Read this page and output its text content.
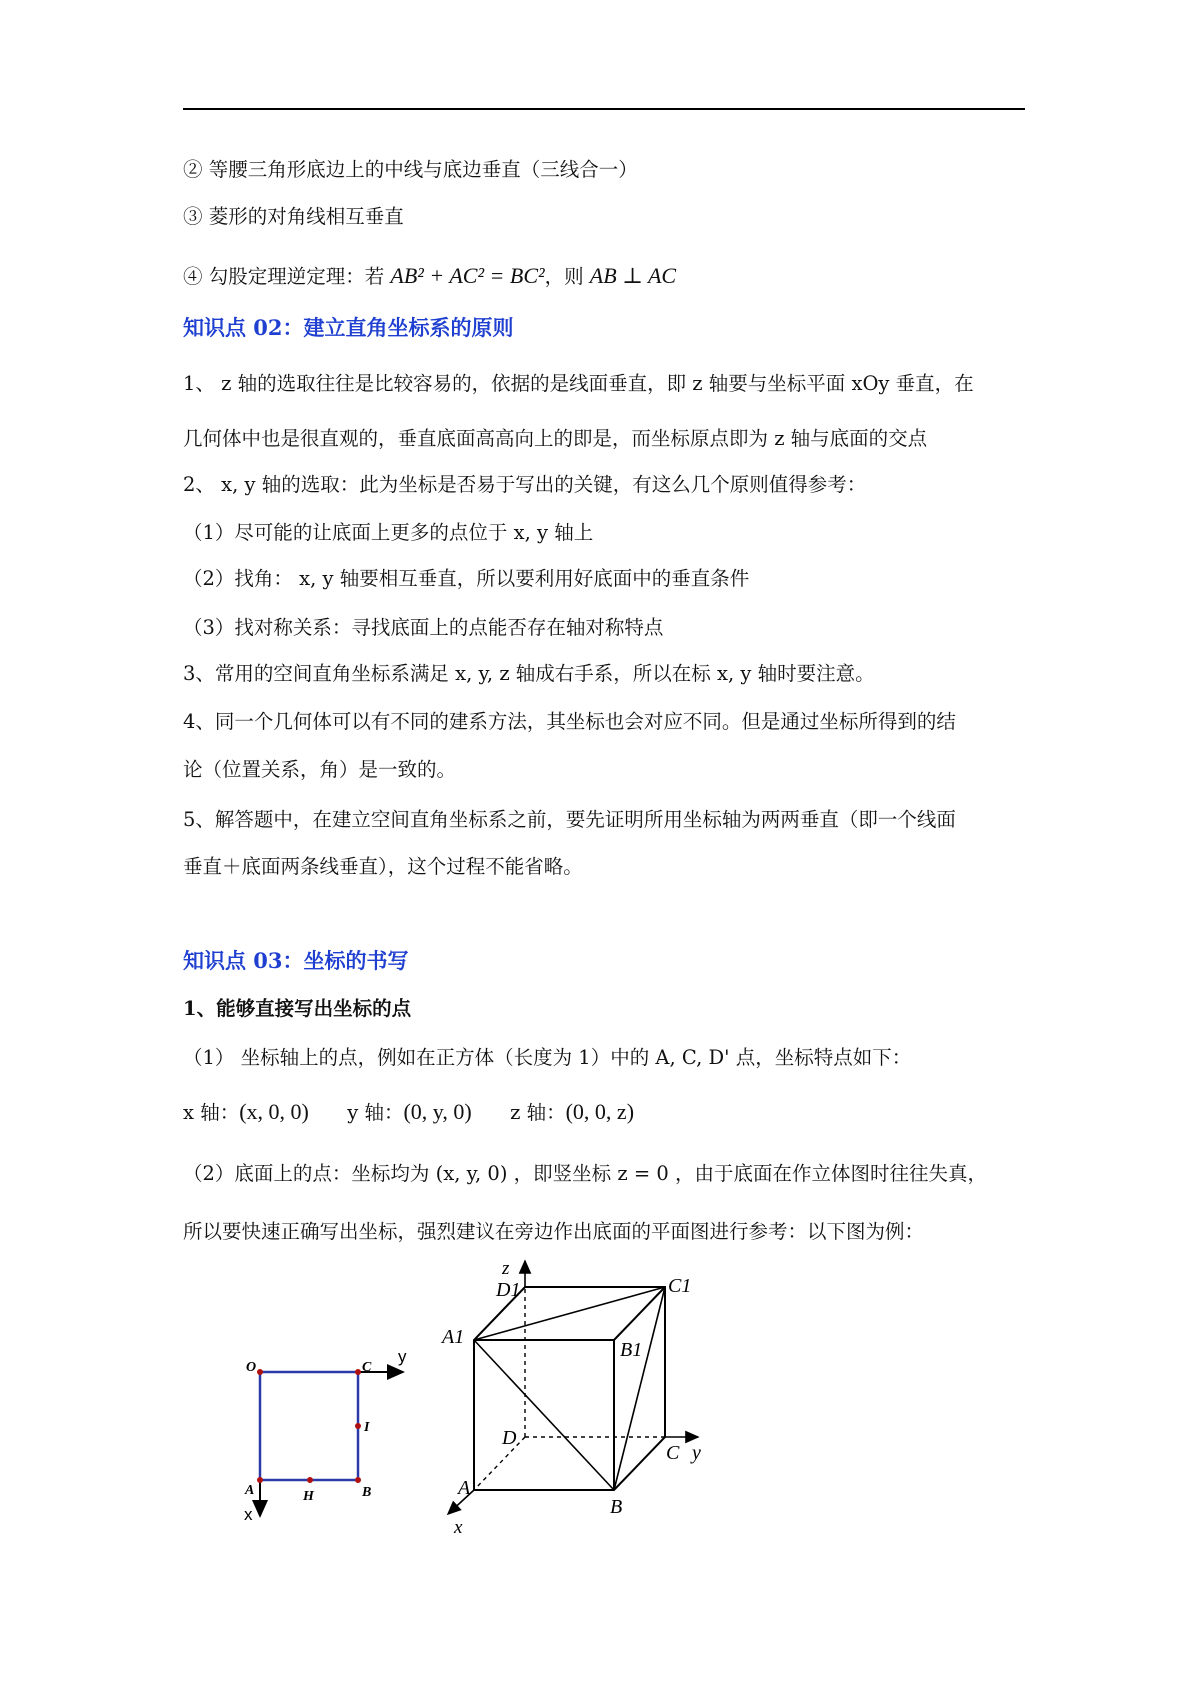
② 等腰三角形底边上的中线与底边垂直（三线合一）
③ 菱形的对角线相互垂直
④ 勾股定理逆定理：若 AB² + AC² = BC²，则 AB ⊥ AC
知识点 02：建立直角坐标系的原则
1、 z 轴的选取往往是比较容易的，依据的是线面垂直，即 z 轴要与坐标平面 xOy 垂直，在
几何体中也是很直观的，垂直底面高高向上的即是，而坐标原点即为 z 轴与底面的交点
2、 x, y 轴的选取：此为坐标是否易于写出的关键，有这么几个原则值得参考：
（1）尽可能的让底面上更多的点位于 x, y 轴上
（2）找角： x, y 轴要相互垂直，所以要利用好底面中的垂直条件
（3）找对称关系：寻找底面上的点能否存在轴对称特点
3、常用的空间直角坐标系满足 x, y, z 轴成右手系，所以在标 x, y 轴时要注意。
4、同一个几何体可以有不同的建系方法，其坐标也会对应不同。但是通过坐标所得到的结
论（位置关系，角）是一致的。
5、解答题中，在建立空间直角坐标系之前，要先证明所用坐标轴为两两垂直（即一个线面
垂直＋底面两条线垂直），这个过程不能省略。
知识点 03：坐标的书写
1、能够直接写出坐标的点
（1） 坐标轴上的点，例如在正方体（长度为 1）中的 A, C, D' 点，坐标特点如下：
x 轴：(x, 0, 0) y 轴：(0, y, 0) z 轴：(0, 0, z)
（2）底面上的点：坐标均为 (x, y, 0) ，即竖坐标 z = 0 ，由于底面在作立体图时往往失真，
所以要快速正确写出坐标，强烈建议在旁边作出底面的平面图进行参考：以下图为例：
O	C
y
I
A	H	B
x
z
D1	C1
A1
B1
D
C y
A
B
x
